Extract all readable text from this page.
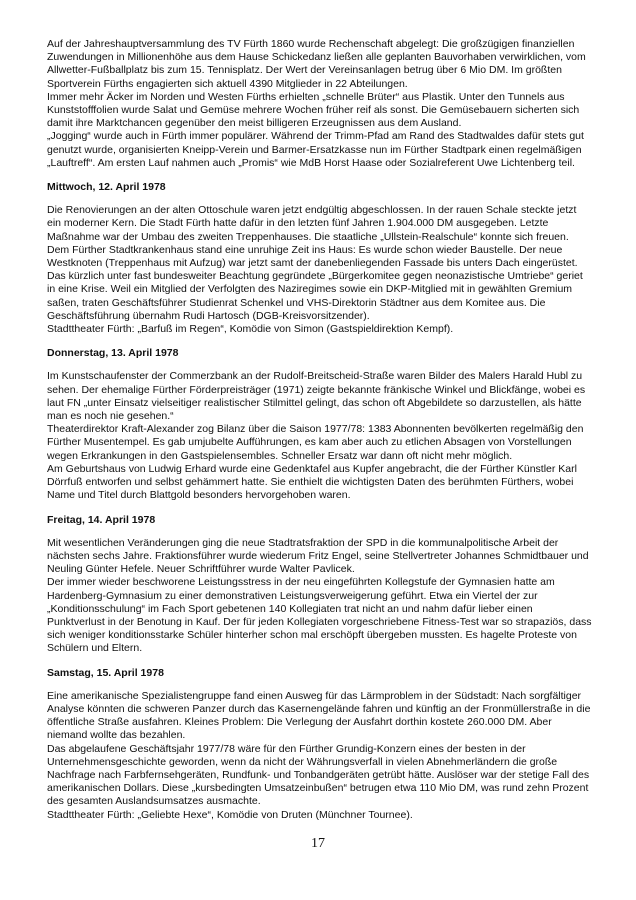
Auf der Jahreshauptversammlung des TV Fürth 1860 wurde Rechenschaft abgelegt: Die großzügigen finanziellen Zuwendungen in Millionenhöhe aus dem Hause Schickedanz ließen alle geplanten Bauvorhaben verwirklichen, vom Allwetter-Fußballplatz bis zum 15. Tennisplatz. Der Wert der Vereinsanlagen betrug über 6 Mio DM. Im größten Sportverein Fürths engagierten sich aktuell 4390 Mitglieder in 22 Abteilungen.

Immer mehr Äcker im Norden und Westen Fürths erhielten „schnelle Brüter“ aus Plastik. Unter den Tunnels aus Kunststofffolien wurde Salat und Gemüse mehrere Wochen früher reif als sonst. Die Gemüsebauern sicherten sich damit ihre Marktchancen gegenüber den meist billigeren Erzeugnissen aus dem Ausland.

„Jogging“ wurde auch in Fürth immer populärer. Während der Trimm-Pfad am Rand des Stadtwaldes dafür stets gut genutzt wurde, organisierten Kneipp-Verein und Barmer-Ersatzkasse nun im Fürther Stadtpark einen regelmäßigen „Lauftreff“. Am ersten Lauf nahmen auch „Promis“ wie MdB Horst Haase oder Sozialreferent Uwe Lichtenberg teil.

Mittwoch, 12. April 1978

Die Renovierungen an der alten Ottoschule waren jetzt endgültig abgeschlossen. In der rauen Schale steckte jetzt ein moderner Kern. Die Stadt Fürth hatte dafür in den letzten fünf Jahren 1.904.000 DM ausgegeben. Letzte Maßnahme war der Umbau des zweiten Treppenhauses. Die staatliche „Ullstein-Realschule“ konnte sich freuen.

Dem Fürther Stadtkrankenhaus stand eine unruhige Zeit ins Haus: Es wurde schon wieder Baustelle. Der neue Westknoten (Treppenhaus mit Aufzug) war jetzt samt der danebenliegenden Fassade bis unters Dach eingerüstet.

Das kürzlich unter fast bundesweiter Beachtung gegründete „Bürgerkomitee gegen neonazistische Umtriebe“ geriet in eine Krise. Weil ein Mitglied der Verfolgten des Naziregimes sowie ein DKP-Mitglied mit in gewählten Gremium saßen, traten Geschäftsführer Studienrat Schenkel und VHS-Direktorin Städtner aus dem Komitee aus. Die Geschäftsführung übernahm Rudi Hartosch (DGB-Kreisvorsitzender).

Stadttheater Fürth: „Barfuß im Regen“, Komödie von Simon (Gastspieldirektion Kempf).

Donnerstag, 13. April 1978

Im Kunstschaufenster der Commerzbank an der Rudolf-Breitscheid-Straße waren Bilder des Malers Harald Hubl zu sehen. Der ehemalige Fürther Förderpreisträger (1971) zeigte bekannte fränkische Winkel und Blickfänge, wobei es laut FN „unter Einsatz vielseitiger realistischer Stilmittel gelingt, das schon oft Abgebildete so darzustellen, als hätte man es noch nie gesehen.“

Theaterdirektor Kraft-Alexander zog Bilanz über die Saison 1977/78: 1383 Abonnenten bevölkerten regelmäßig den Fürther Musentempel. Es gab umjubelte Aufführungen, es kam aber auch zu etlichen Absagen von Vorstellungen wegen Erkrankungen in den Gastspielensembles. Schneller Ersatz war dann oft nicht mehr möglich.

Am Geburtshaus von Ludwig Erhard wurde eine Gedenktafel aus Kupfer angebracht, die der Fürther Künstler Karl Dörrfuß entworfen und selbst gehämmert hatte. Sie enthielt die wichtigsten Daten des berühmten Fürthers, wobei Name und Titel durch Blattgold besonders hervorgehoben waren.

Freitag, 14. April 1978

Mit wesentlichen Veränderungen ging die neue Stadtratsfraktion der SPD in die kommunalpolitische Arbeit der nächsten sechs Jahre. Fraktionsführer wurde wiederum Fritz Engel, seine Stellvertreter Johannes Schmidtbauer und Neuling Günter Hefele. Neuer Schriftführer wurde Walter Pavlicek.

Der immer wieder beschworene Leistungsstress in der neu eingeführten Kollegstufe der Gymnasien hatte am Hardenberg-Gymnasium zu einer demonstrativen Leistungsverweigerung geführt. Etwa ein Viertel der zur „Konditionsschulung“ im Fach Sport gebetenen 140 Kollegiaten trat nicht an und nahm dafür lieber einen Punktverlust in der Benotung in Kauf. Der für jeden Kollegiaten vorgeschriebene Fitness-Test war so strapaziös, dass sich weniger konditionsstarke Schüler hinterher schon mal erschöpft übergeben mussten. Es hagelte Proteste von Schülern und Eltern.

Samstag, 15. April 1978

Eine amerikanische Spezialistengruppe fand einen Ausweg für das Lärmproblem in der Südstadt: Nach sorgfältiger Analyse könnten die schweren Panzer durch das Kasernengelände fahren und künftig an der Fronmüllerstraße in die öffentliche Straße ausfahren. Kleines Problem: Die Verlegung der Ausfahrt dorthin kostete 260.000 DM. Aber niemand wollte das bezahlen.

Das abgelaufene Geschäftsjahr 1977/78 wäre für den Fürther Grundig-Konzern eines der besten in der Unternehmensgeschichte geworden, wenn da nicht der Währungsverfall in vielen Abnehmerländern die große Nachfrage nach Farbfernsehgeräten, Rundfunk- und Tonbandgeräten getrübt hätte. Auslöser war der stetige Fall des amerikanischen Dollars. Diese „kursbedingten Umsatzeinbußen“ betrugen etwa 110 Mio DM, was rund zehn Prozent des gesamten Auslandsumsatzes ausmachte.

Stadttheater Fürth: „Geliebte Hexe“, Komödie von Druten (Münchner Tournee).

17
